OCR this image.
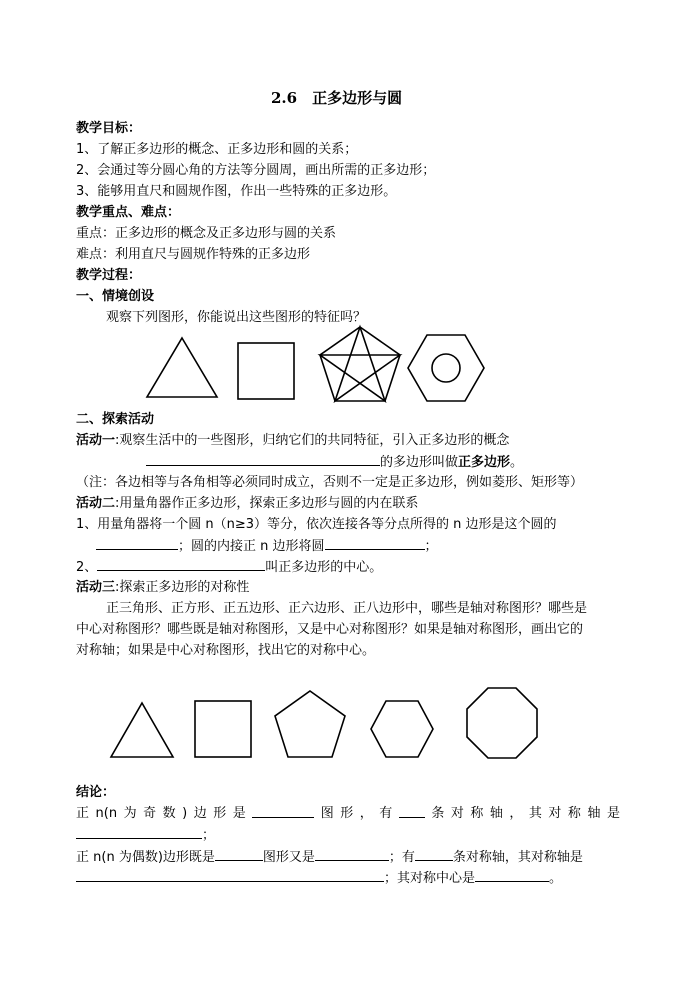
2.6　正多边形与圆
教学目标：
1、了解正多边形的概念、正多边形和圆的关系；
2、会通过等分圆心角的方法等分圆周，画出所需的正多边形；
3、能够用直尺和圆规作图，作出一些特殊的正多边形。
教学重点、难点：
重点：正多边形的概念及正多边形与圆的关系
难点：利用直尺与圆规作特殊的正多边形
教学过程：
一、情境创设
观察下列图形，你能说出这些图形的特征吗？
二、探索活动
活动一:观察生活中的一些图形，归纳它们的共同特征，引入正多边形的概念
的多边形叫做正多边形。
（注：各边相等与各角相等必须同时成立，否则不一定是正多边形，例如菱形、矩形等）
活动二:用量角器作正多边形，探索正多边形与圆的内在联系
1、用量角器将一个圆 n（n≥3）等分，依次连接各等分点所得的 n 边形是这个圆的
；圆的内接正 n 边形将圆	；
2、	叫正多边形的中心。
活动三:探索正多边形的对称性
正三角形、正方形、正五边形、正六边形、正八边形中，哪些是轴对称图形？哪些是
中心对称图形？哪些既是轴对称图形，又是中心对称图形？如果是轴对称图形，画出它的
对称轴；如果是中心对称图形，找出它的对称中心。
结论：
正 n(n 为 奇 数 ) 边 形 是	图 形 ， 有	条 对 称 轴 ， 其 对 称 轴 是
；
正 n(n 为偶数)边形既是	图形又是	；有	条对称轴，其对称轴是
；其对称中心是	。
